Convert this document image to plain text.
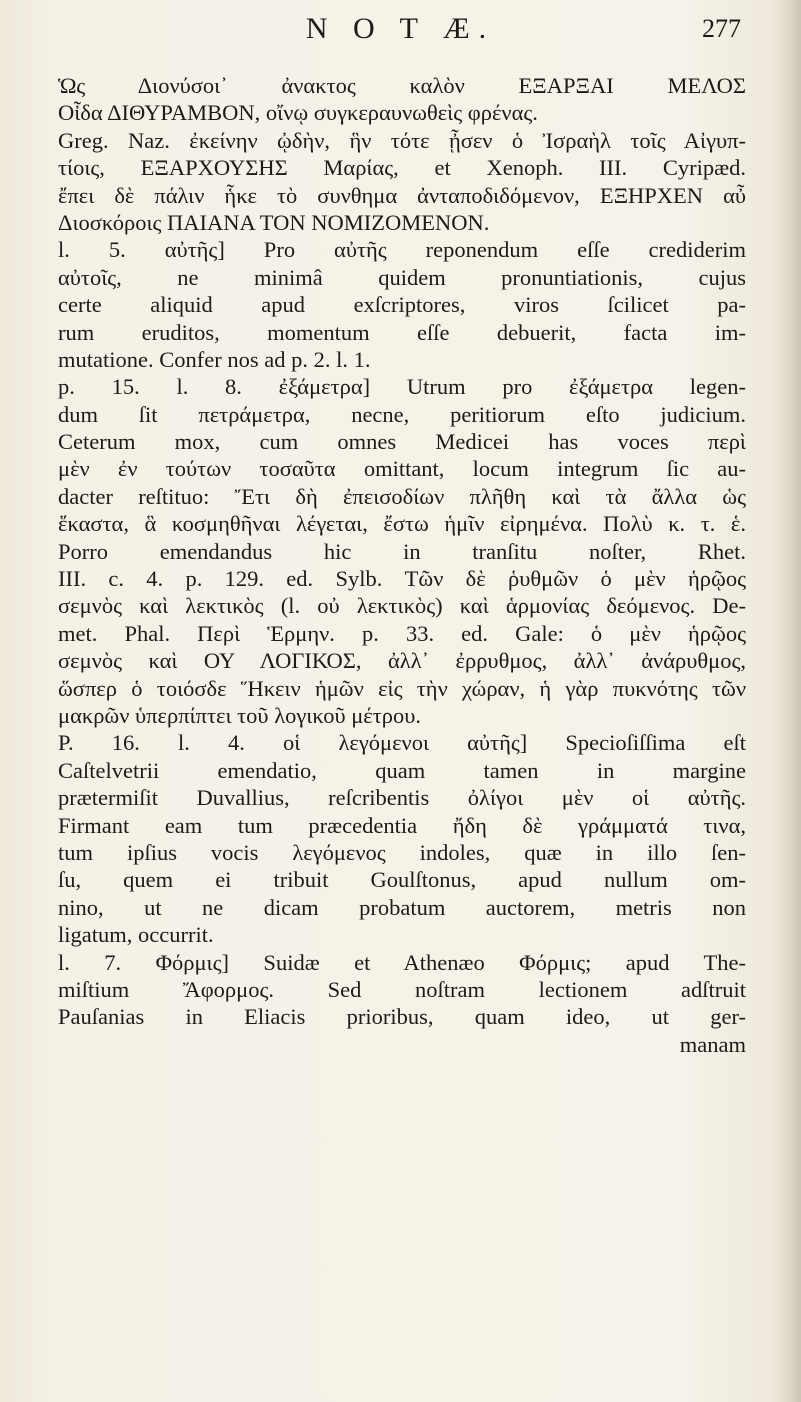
N O T Æ.	277
Ὡς Διονύσοι᾽ ἀνακτος καλὸν ΕΞΑΡΞΑΙ ΜΕΛΟΣ
Οἶδα ΔΙΘΥΡΑΜΒΟΝ, οἴνῳ συγκεραυνωθεὶς φρένας.
Greg. Naz. ἐκείνην ᾠδὴν, ἣν τότε ᾖσεν ὁ Ἰσραὴλ τοῖς Αἰγυπ-
τίοις, ΕΞΑΡΧΟΥΣΗΣ Μαρίας, et Xenoph. III. Cyripæd.
ἔπει δὲ πάλιν ἧκε τὸ συνθημα ἀνταποδιδόμενον, ΕΞΗΡΧΕΝ αὖ
Διοσκόροις ΠΑΙΑΝΑ ΤΟΝ NOMIZOMENON.
l. 5. αὐτῆς] Pro αὐτῆς reponendum eſſe crediderim
αὐτοῖς, ne minimâ quidem pronuntiationis, cujus
certe aliquid apud exſcriptores, viros ſcilicet pa-
rum eruditos, momentum eſſe debuerit, facta im-
mutatione. Confer nos ad p. 2. l. 1.
p. 15. l. 8. ἐξάμετρα] Utrum pro ἐξάμετρα legen-
dum ſit πετράμετρα, necne, peritiorum eſto judicium.
Ceterum mox, cum omnes Medicei has voces περὶ
μὲν ἐν τούτων τοσαῦτα omittant, locum integrum ſic au-
dacter reſtituo: Ἔτι δὴ ἐπεισοδίων πλῆθη καὶ τὰ ἄλλα ὡς
ἕκαστα, ἃ κοσμηθῆναι λέγεται, ἔστω ἡμῖν εἰρημένα. Πολὺ κ. τ. ἑ.
Porro emendandus hic in tranſitu noſter, Rhet.
III. c. 4. p. 129. ed. Sylb. Τῶν δὲ ῥυθμῶν ὁ μὲν ἡρῷος
σεμνὸς καὶ λεκτικὸς (l. οὐ λεκτικὸς) καὶ ἁρμονίας δεόμενος. De-
met. Phal. Περὶ Ἑρμην. p. 33. ed. Gale: ὁ μὲν ἡρῷος
σεμνὸς καὶ ΟΥ ΛΟΓΙΚΟΣ, ἀλλ᾽ ἐρρυθμος, ἀλλ᾽ ἀνάρυθμος,
ὥσπερ ὁ τοιόσδε Ἥκειν ἡμῶν εἰς τὴν χώραν, ἡ γὰρ πυκνότης τῶν
μακρῶν ὑπερπίπτει τοῦ λογικοῦ μέτρου.
P. 16. l. 4. οἱ λεγόμενοι αὐτῆς] Specioſiſſima eſt
Caſtelvetrii emendatio, quam tamen in margine
prætermiſit Duvallius, reſcribentis ὀλίγοι μὲν οἱ αὐτῆς.
Firmant eam tum præcedentia ἤδη δὲ γράμματά τινα,
tum ipſius vocis λεγόμενος indoles, quæ in illo ſen-
ſu, quem ei tribuit Goulſtonus, apud nullum om-
nino, ut ne dicam probatum auctorem, metris non
ligatum, occurrit.
l. 7. Φόρμις] Suidæ et Athenæo Φόρμις; apud The-
miſtium Ἄφορμος. Sed noſtram lectionem adſtruit
Pauſanias in Eliacis prioribus, quam ideo, ut ger-
manam
